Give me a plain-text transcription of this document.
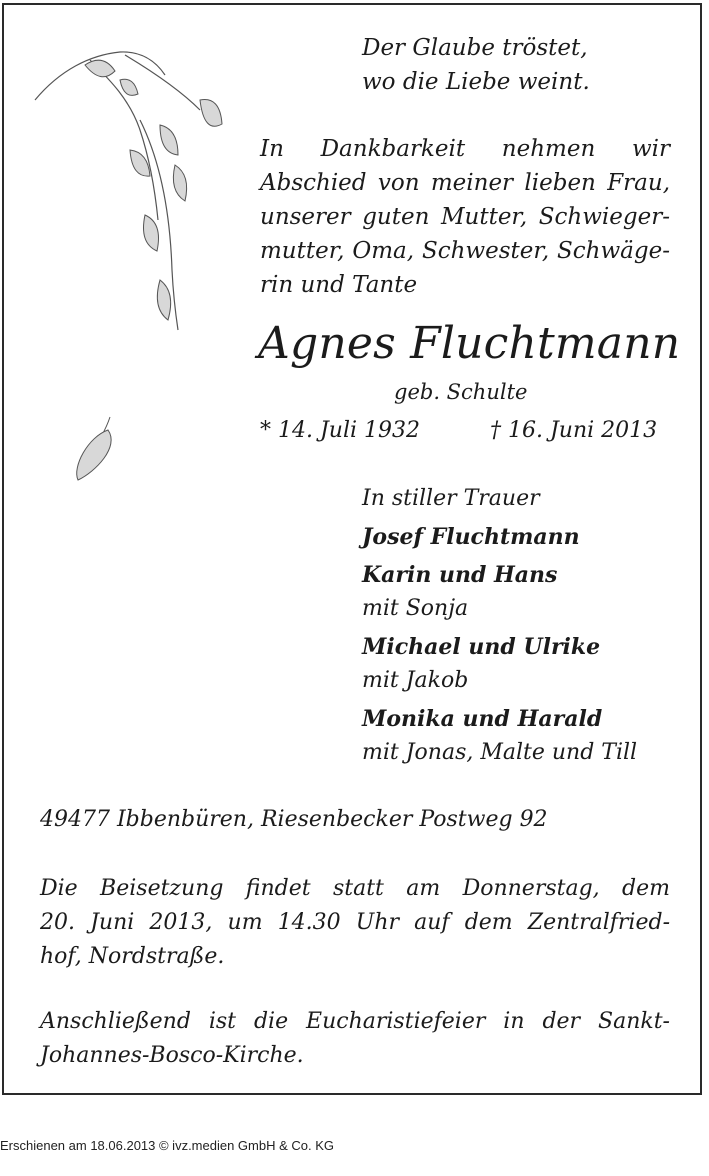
Der Glaube tröstet,
wo die Liebe weint.
In Dankbarkeit nehmen wir
Abschied von meiner lieben Frau,
unserer guten Mutter, Schwieger-
mutter, Oma, Schwester, Schwäge-
rin und Tante
Agnes Fluchtmann
geb. Schulte
* 14. Juli 1932	† 16. Juni 2013
In stiller Trauer
Josef Fluchtmann
Karin und Hans
mit Sonja
Michael und Ulrike
mit Jakob
Monika und Harald
mit Jonas, Malte und Till
49477 Ibbenbüren, Riesenbecker Postweg 92
Die Beisetzung findet statt am Donnerstag, dem
20. Juni 2013, um 14.30 Uhr auf dem Zentralfried-
hof, Nordstraße.
Anschließend ist die Eucharistiefeier in der Sankt-
Johannes-Bosco-Kirche.
Erschienen am 18.06.2013 © ivz.medien GmbH & Co. KG
